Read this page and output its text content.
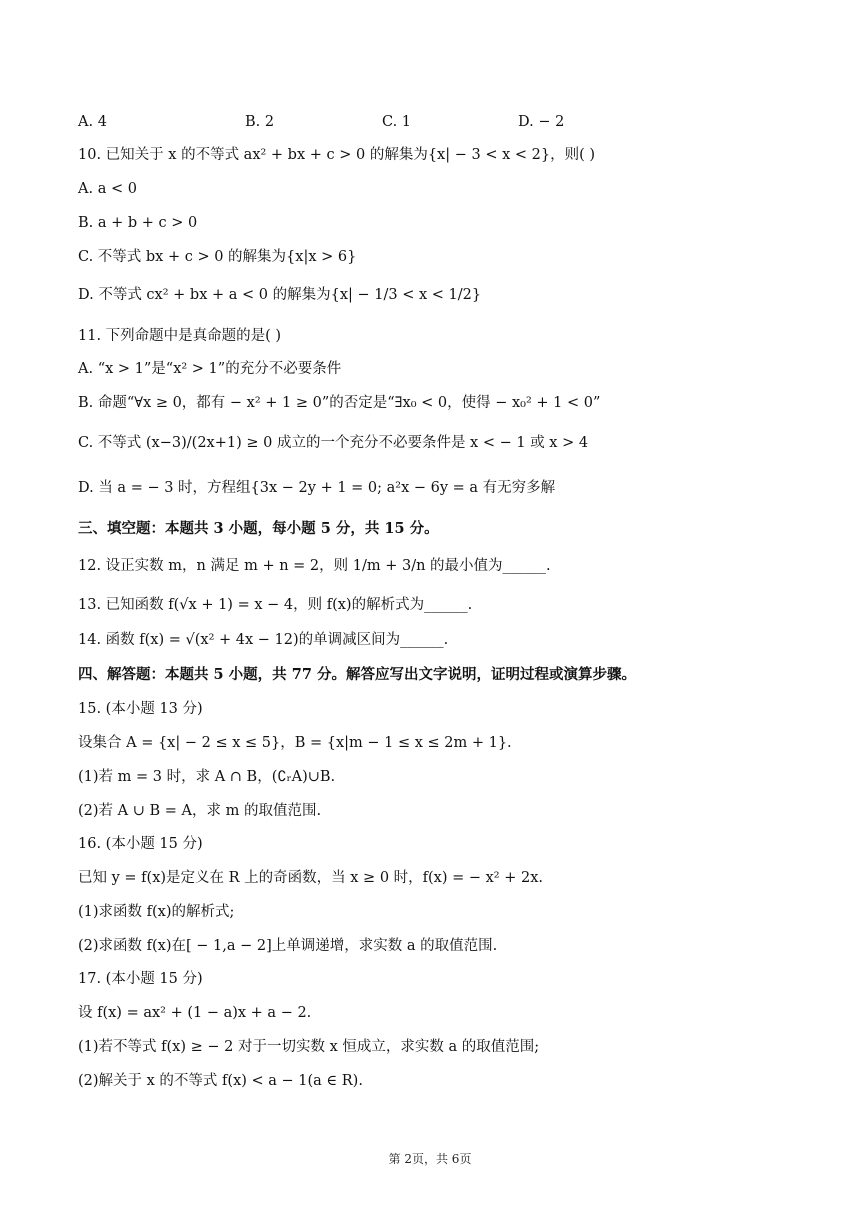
A. 4	B. 2	C. 1	D. − 2
10. 已知关于 x 的不等式 ax² + bx + c > 0 的解集为{x| − 3 < x < 2}，则( )
A. a < 0
B. a + b + c > 0
C. 不等式 bx + c > 0 的解集为{x|x > 6}
D. 不等式 cx² + bx + a < 0 的解集为{x| − 1/3 < x < 1/2}
11. 下列命题中是真命题的是( )
A. “x > 1”是“x² > 1”的充分不必要条件
B. 命题“∀x ≥ 0，都有 − x² + 1 ≥ 0”的否定是“∃x₀ < 0，使得 − x₀² + 1 < 0”
C. 不等式 (x−3)/(2x+1) ≥ 0 成立的一个充分不必要条件是 x < − 1 或 x > 4
D. 当 a = − 3 时，方程组{3x − 2y + 1 = 0; a²x − 6y = a 有无穷多解
三、填空题：本题共 3 小题，每小题 5 分，共 15 分。
12. 设正实数 m，n 满足 m + n = 2，则 1/m + 3/n 的最小值为______.
13. 已知函数 f(√x + 1) = x − 4，则 f(x)的解析式为______.
14. 函数 f(x) = √(x² + 4x − 12)的单调减区间为______.
四、解答题：本题共 5 小题，共 77 分。解答应写出文字说明，证明过程或演算步骤。
15. (本小题 13 分)
设集合 A = {x| − 2 ≤ x ≤ 5}，B = {x|m − 1 ≤ x ≤ 2m + 1}.
(1)若 m = 3 时，求 A ∩ B，(∁ᵣA)∪B.
(2)若 A ∪ B = A，求 m 的取值范围.
16. (本小题 15 分)
已知 y = f(x)是定义在 R 上的奇函数，当 x ≥ 0 时，f(x) = − x² + 2x.
(1)求函数 f(x)的解析式;
(2)求函数 f(x)在[ − 1,a − 2]上单调递增，求实数 a 的取值范围.
17. (本小题 15 分)
设 f(x) = ax² + (1 − a)x + a − 2.
(1)若不等式 f(x) ≥ − 2 对于一切实数 x 恒成立，求实数 a 的取值范围;
(2)解关于 x 的不等式 f(x) < a − 1(a ∈ R).
第 2页，共 6页
